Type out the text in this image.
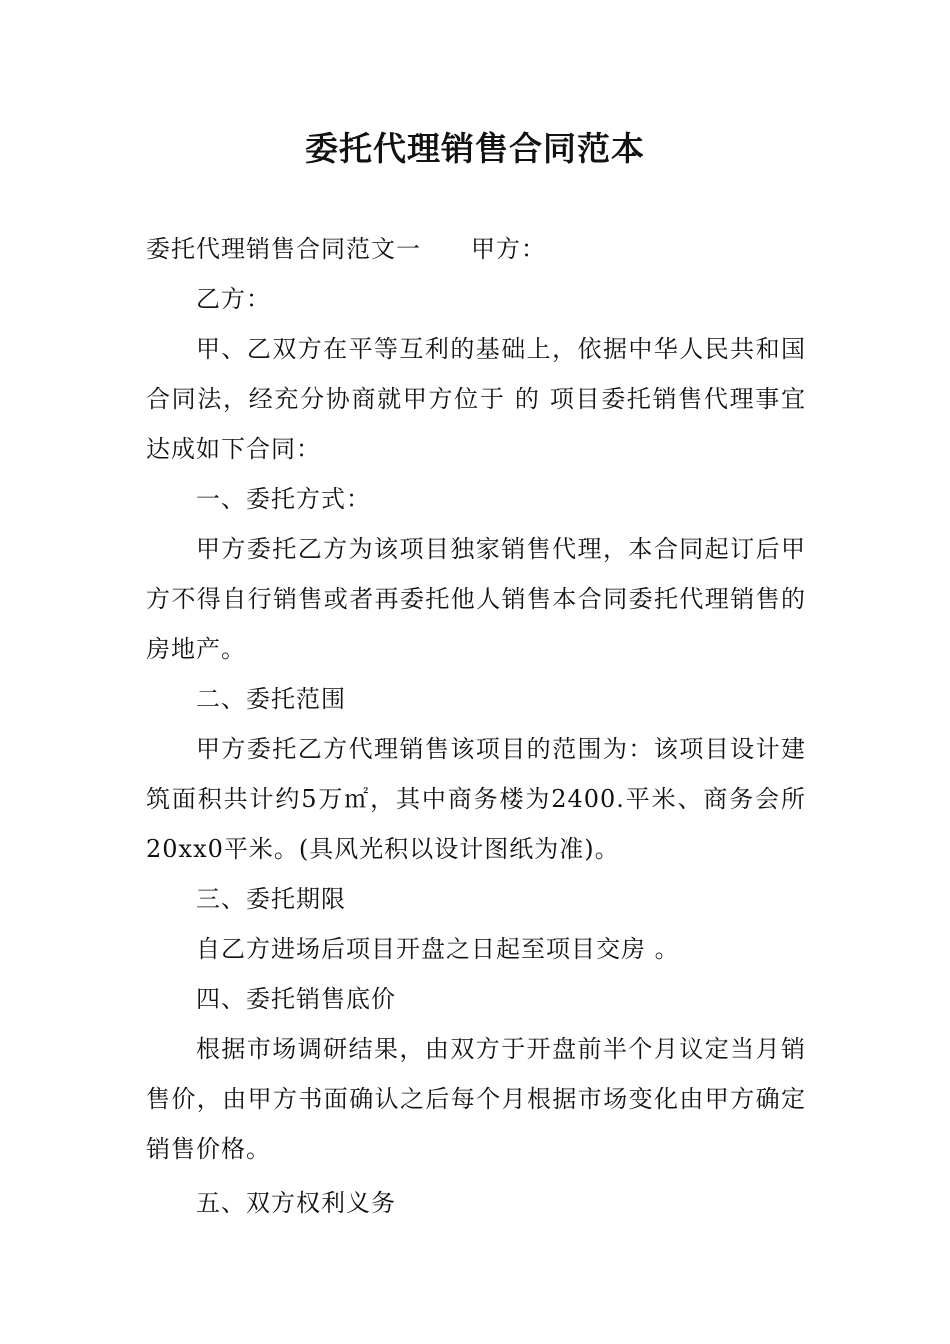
委托代理销售合同范本

委托代理销售合同范文一 甲方：

乙方：

甲、乙双方在平等互利的基础上，依据中华人民共和国合同法，经充分协商就甲方位于 的 项目委托销售代理事宜达成如下合同：

一、委托方式：

甲方委托乙方为该项目独家销售代理，本合同起订后甲方不得自行销售或者再委托他人销售本合同委托代理销售的房地产。

二、委托范围

甲方委托乙方代理销售该项目的范围为：该项目设计建筑面积共计约5万㎡，其中商务楼为2400.平米、商务会所20xx0平米。(具风光积以设计图纸为准)。

三、委托期限

自乙方进场后项目开盘之日起至项目交房 。

四、委托销售底价

根据市场调研结果，由双方于开盘前半个月议定当月销售价，由甲方书面确认之后每个月根据市场变化由甲方确定销售价格。

五、双方权利义务
